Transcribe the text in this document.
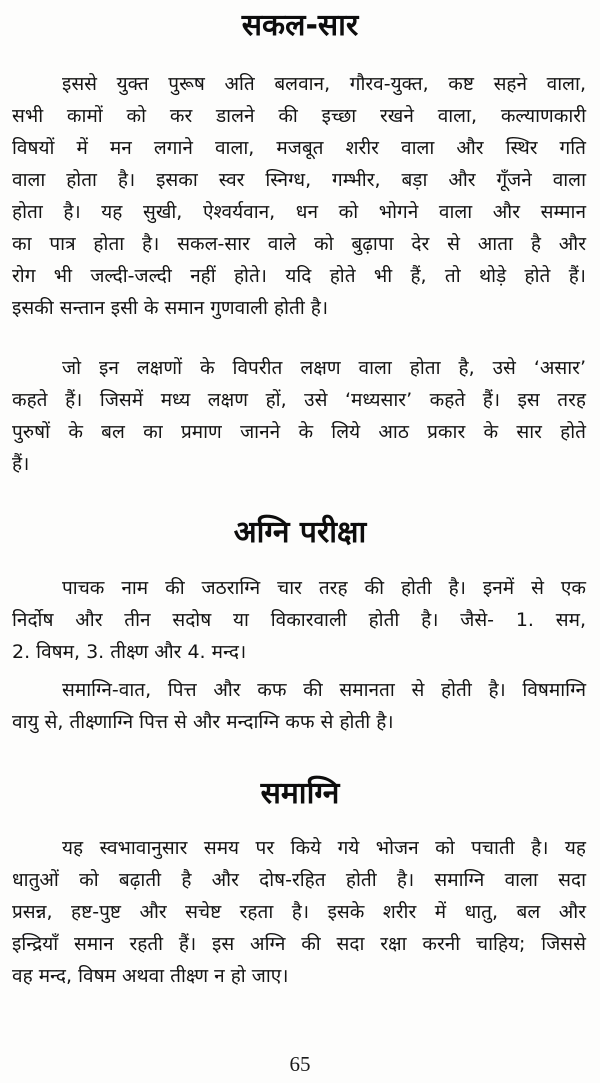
सकल-सार
इससे युक्त पुरूष अति बलवान, गौरव-युक्त, कष्ट सहने वाला,
सभी कामों को कर डालने की इच्छा रखने वाला, कल्याणकारी
विषयों में मन लगाने वाला, मजबूत शरीर वाला और स्थिर गति
वाला होता है। इसका स्वर स्निग्ध, गम्भीर, बड़ा और गूँजने वाला
होता है। यह सुखी, ऐश्वर्यवान, धन को भोगने वाला और सम्मान
का पात्र होता है। सकल-सार वाले को बुढ़ापा देर से आता है और
रोग भी जल्दी-जल्दी नहीं होते। यदि होते भी हैं, तो थोड़े होते हैं।
इसकी सन्तान इसी के समान गुणवाली होती है।
जो इन लक्षणों के विपरीत लक्षण वाला होता है, उसे ‘असार’
कहते हैं। जिसमें मध्य लक्षण हों, उसे ‘मध्यसार’ कहते हैं। इस तरह
पुरुषों के बल का प्रमाण जानने के लिये आठ प्रकार के सार होते
हैं।
अग्नि परीक्षा
पाचक नाम की जठराग्नि चार तरह की होती है। इनमें से एक
निर्दोष और तीन सदोष या विकारवाली होती है। जैसे- 1. सम,
2. विषम, 3. तीक्ष्ण और 4. मन्द।
समाग्नि-वात, पित्त और कफ की समानता से होती है। विषमाग्नि
वायु से, तीक्ष्णाग्नि पित्त से और मन्दाग्नि कफ से होती है।
समाग्नि
यह स्वभावानुसार समय पर किये गये भोजन को पचाती है। यह
धातुओं को बढ़ाती है और दोष-रहित होती है। समाग्नि वाला सदा
प्रसन्न, हष्ट-पुष्ट और सचेष्ट रहता है। इसके शरीर में धातु, बल और
इन्द्रियाँ समान रहती हैं। इस अग्नि की सदा रक्षा करनी चाहिय; जिससे
वह मन्द, विषम अथवा तीक्ष्ण न हो जाए।
65
